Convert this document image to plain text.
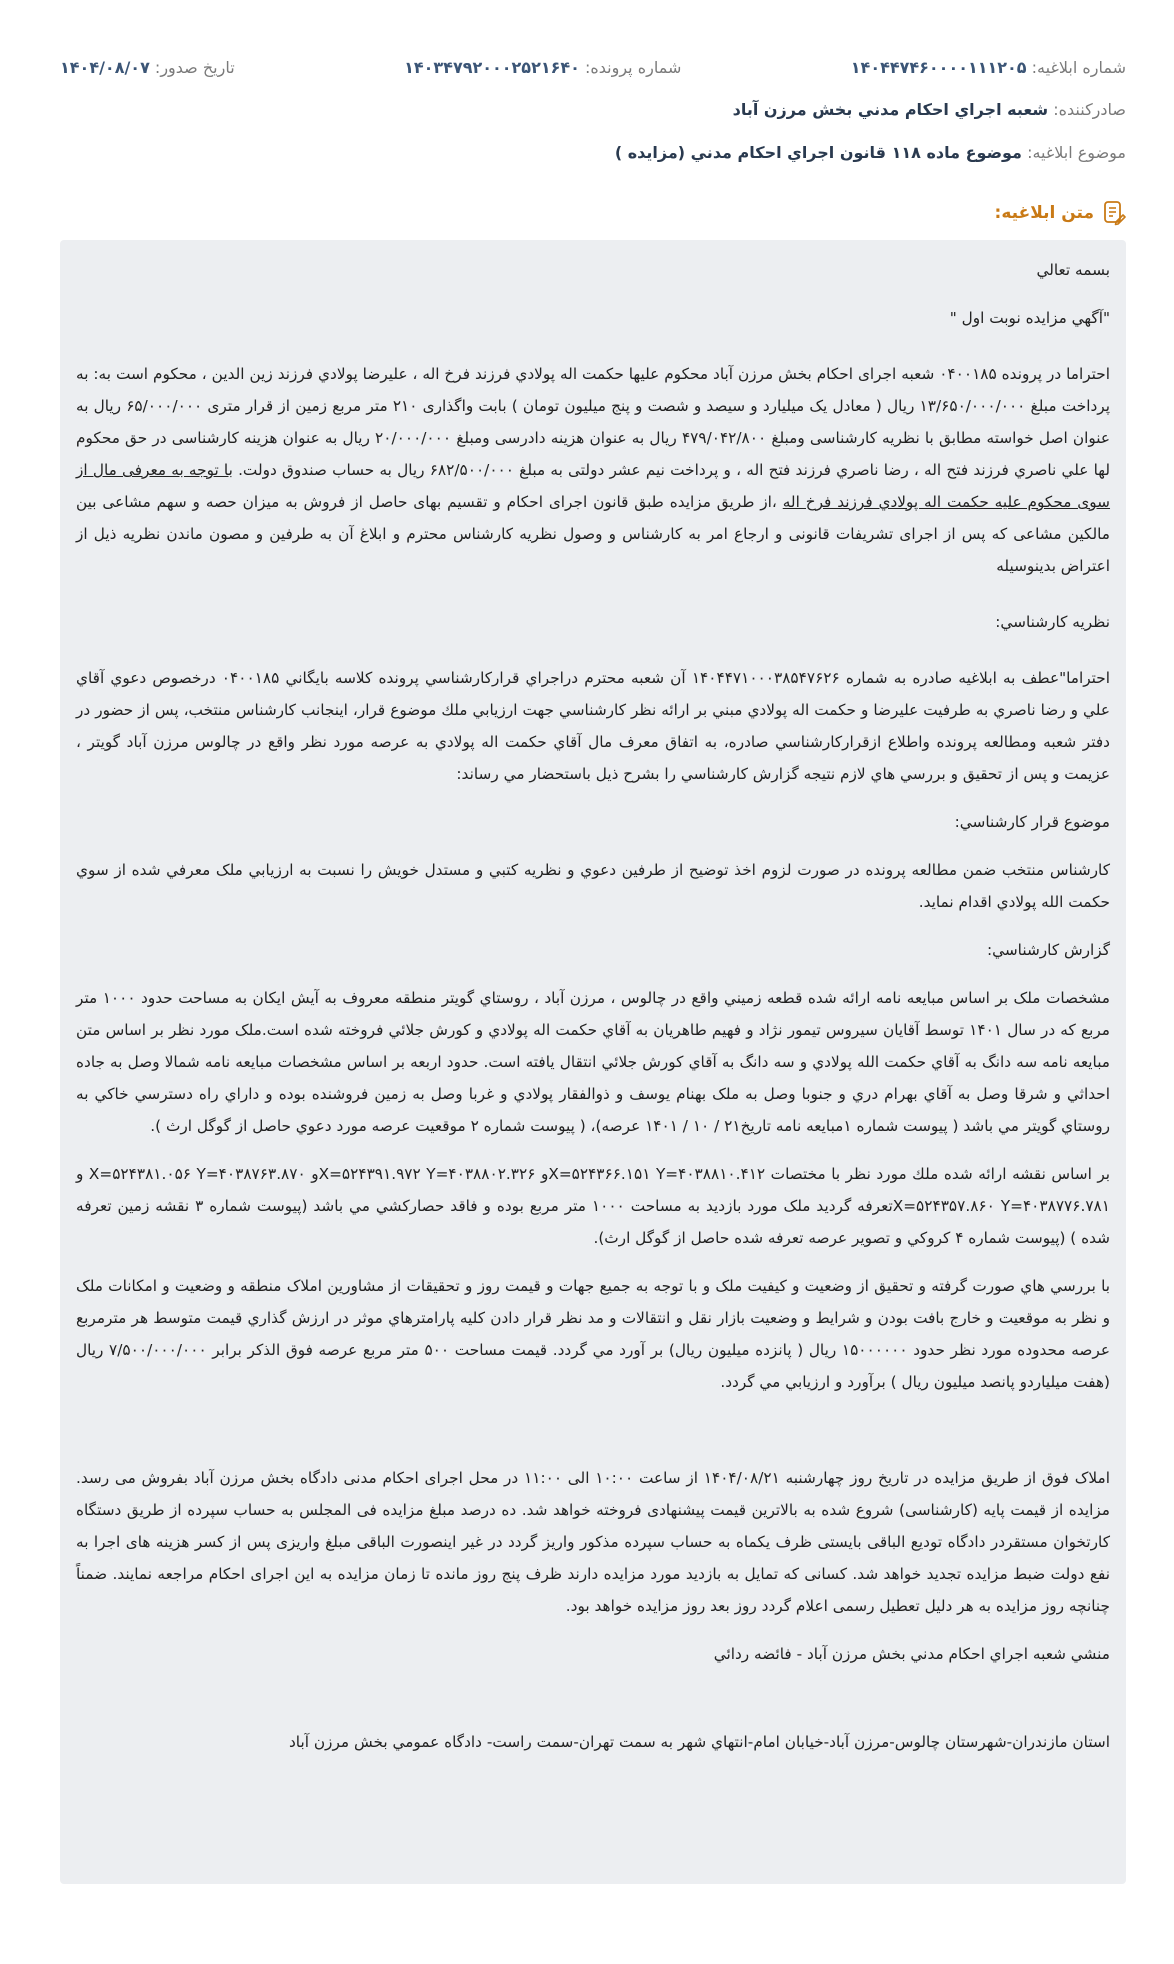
شماره ابلاغيه: ۱۴۰۴۴۷۴۶۰۰۰۰۱۱۱۲۰۵
شماره پرونده: ۱۴۰۳۴۷۹۲۰۰۰۲۵۲۱۶۴۰
تاريخ صدور: ۱۴۰۴/۰۸/۰۷
صادرکننده: شعبه اجراي احکام مدني بخش مرزن آباد
موضوع ابلاغيه: موضوع ماده ۱۱۸ قانون اجراي احکام مدني (مزايده )
متن ابلاغيه:

بسمه تعالي

"آگهي مزايده نوبت اول "

احتراما در پرونده ۰۴۰۰۱۸۵ شعبه اجرای احکام بخش مرزن آباد محکوم علیها حکمت اله پولادي فرزند فرخ اله ، علیرضا پولادي فرزند زین الدین ، محکوم است به: به پرداخت مبلغ ۱۳/۶۵۰/۰۰۰/۰۰۰ ریال ( معادل یک میلیارد و سیصد و شصت و پنج میلیون تومان ) بابت واگذاری ۲۱۰ متر مربع زمین از قرار متری ۶۵/۰۰۰/۰۰۰ ریال به عنوان اصل خواسته مطابق با نظریه کارشناسی ومبلغ ۴۷۹/۰۴۲/۸۰۰ ریال به عنوان هزینه دادرسی ومبلغ ۲۰/۰۰۰/۰۰۰ ریال به عنوان هزینه کارشناسی در حق محکوم لها علي ناصري فرزند فتح اله ، رضا ناصري فرزند فتح اله ، و پرداخت نیم عشر دولتی به مبلغ ۶۸۲/۵۰۰/۰۰۰ ریال به حساب صندوق دولت. با توجه به معرفی مال از سوی محکوم علیه حکمت اله پولادي فرزند فرخ اله ،از طریق مزایده طبق قانون اجرای احکام و تقسیم بهای حاصل از فروش به میزان حصه و سهم مشاعی بین مالکین مشاعی که پس از اجرای تشریفات قانونی و ارجاع امر به کارشناس و وصول نظریه کارشناس محترم و ابلاغ آن به طرفین و مصون ماندن نظریه ذیل از اعتراض بدینوسیله

نظريه کارشناسي:

احتراما"عطف به ابلاغيه صادره به شماره ۱۴۰۴۴۷۱۰۰۰۳۸۵۴۷۶۲۶ آن شعبه محترم دراجراي قرارکارشناسي پرونده کلاسه بايگاني ۰۴۰۰۱۸۵ درخصوص دعوي آقاي علي و رضا ناصري به طرفيت عليرضا و حکمت اله پولادي مبني بر ارائه نظر کارشناسي جهت ارزيابي ملك موضوع قرار، اينجانب کارشناس منتخب، پس از حضور در دفتر شعبه ومطالعه پرونده واطلاع ازقرارکارشناسي صادره، به اتفاق معرف مال آقاي حکمت اله پولادي به عرصه مورد نظر واقع در چالوس مرزن آباد گويتر ، عزيمت و پس از تحقيق و بررسي هاي لازم نتيجه گزارش کارشناسي را بشرح ذيل باستحضار مي رساند:

موضوع قرار کارشناسي:

کارشناس منتخب ضمن مطالعه پرونده در صورت لزوم اخذ توضيح از طرفين دعوي و نظريه کتبي و مستدل خويش را نسبت به ارزيابي ملک معرفي شده از سوي حکمت الله پولادي اقدام نمايد.

گزارش کارشناسي:

مشخصات ملک بر اساس مبايعه نامه ارائه شده قطعه زميني واقع در چالوس ، مرزن آباد ، روستاي گويتر منطقه معروف به آيش ايکان به مساحت حدود ۱۰۰۰ متر مربع که در سال ۱۴۰۱ توسط آقايان سيروس تيمور نژاد و فهيم طاهريان به آقاي حکمت اله پولادي و کورش جلائي فروخته شده است.ملک مورد نظر بر اساس متن مبايعه نامه سه دانگ به آقاي حکمت الله پولادي و سه دانگ به آقاي کورش جلائي انتقال يافته است. حدود اربعه بر اساس مشخصات مبايعه نامه شمالا وصل به جاده احداثي و شرقا وصل به آقاي بهرام دري و جنوبا وصل به ملک بهنام يوسف و ذوالفقار پولادي و غربا وصل به زمين فروشنده بوده و داراي راه دسترسي خاکي به روستاي گويتر مي باشد ( پيوست شماره ۱مبايعه نامه تاريخ۲۱ / ۱۰ / ۱۴۰۱ عرصه)، ( پيوست شماره ۲ موقعيت عرصه مورد دعوي حاصل از گوگل ارث ).

بر اساس نقشه ارائه شده ملك مورد نظر با مختصات X=۵۲۴۳۶۶.۱۵۱ Y=۴۰۳۸۸۱۰.۴۱۲و X=۵۲۴۳۹۱.۹۷۲ Y=۴۰۳۸۸۰۲.۳۲۶و X=۵۲۴۳۸۱.۰۵۶ Y=۴۰۳۸۷۶۳.۸۷۰ و X=۵۲۴۳۵۷.۸۶۰ Y=۴۰۳۸۷۷۶.۷۸۱تعرفه گرديد ملک مورد بازديد به مساحت ۱۰۰۰ متر مربع بوده و فاقد حصارکشي مي باشد (پيوست شماره ۳ نقشه زمين تعرفه شده ) (پيوست شماره ۴ کروکي و تصوير عرصه تعرفه شده حاصل از گوگل ارث).

با بررسي هاي صورت گرفته و تحقيق از وضعيت و کيفيت ملک و با توجه به جميع جهات و قيمت روز و تحقيقات از مشاورين املاک منطقه و وضعيت و امکانات ملک و نظر به موقعيت و خارج بافت بودن و شرايط و وضعيت بازار نقل و انتقالات و مد نظر قرار دادن کليه پارامترهاي موثر در ارزش گذاري قيمت متوسط هر مترمربع عرصه محدوده مورد نظر حدود ۱۵۰۰۰۰۰۰ ريال ( پانزده ميليون ريال) بر آورد مي گردد. قيمت مساحت ۵۰۰ متر مربع عرصه فوق الذکر برابر ۷/۵۰۰/۰۰۰/۰۰۰ ريال (هفت ميلياردو پانصد ميليون ريال ) برآورد و ارزيابي مي گردد.

املاک فوق از طریق مزایده در تاریخ روز چهارشنبه ۱۴۰۴/۰۸/۲۱ از ساعت ۱۰:۰۰ الی ۱۱:۰۰ در محل اجرای احکام مدنی دادگاه بخش مرزن آباد بفروش می رسد. مزایده از قیمت پایه (کارشناسی) شروع شده به بالاترین قیمت پیشنهادی فروخته خواهد شد. ده درصد مبلغ مزایده فی المجلس به حساب سپرده از طریق دستگاه کارتخوان مستقردر دادگاه تودیع الباقی بایستی ظرف یکماه به حساب سپرده مذکور واریز گردد در غیر اینصورت الباقی مبلغ واریزی پس از کسر هزینه های اجرا به نفع دولت ضبط مزایده تجدید خواهد شد. کسانی که تمایل به بازدید مورد مزایده دارند ظرف پنج روز مانده تا زمان مزایده به این اجرای احکام مراجعه نمایند. ضمناً چنانچه روز مزایده به هر دلیل تعطیل رسمی اعلام گردد روز بعد روز مزایده خواهد بود.

منشي شعبه اجراي احکام مدني بخش مرزن آباد - فائضه ردائي

استان مازندران-شهرستان چالوس-مرزن آباد-خيابان امام-انتهاي شهر به سمت تهران-سمت راست- دادگاه عمومي بخش مرزن آباد
